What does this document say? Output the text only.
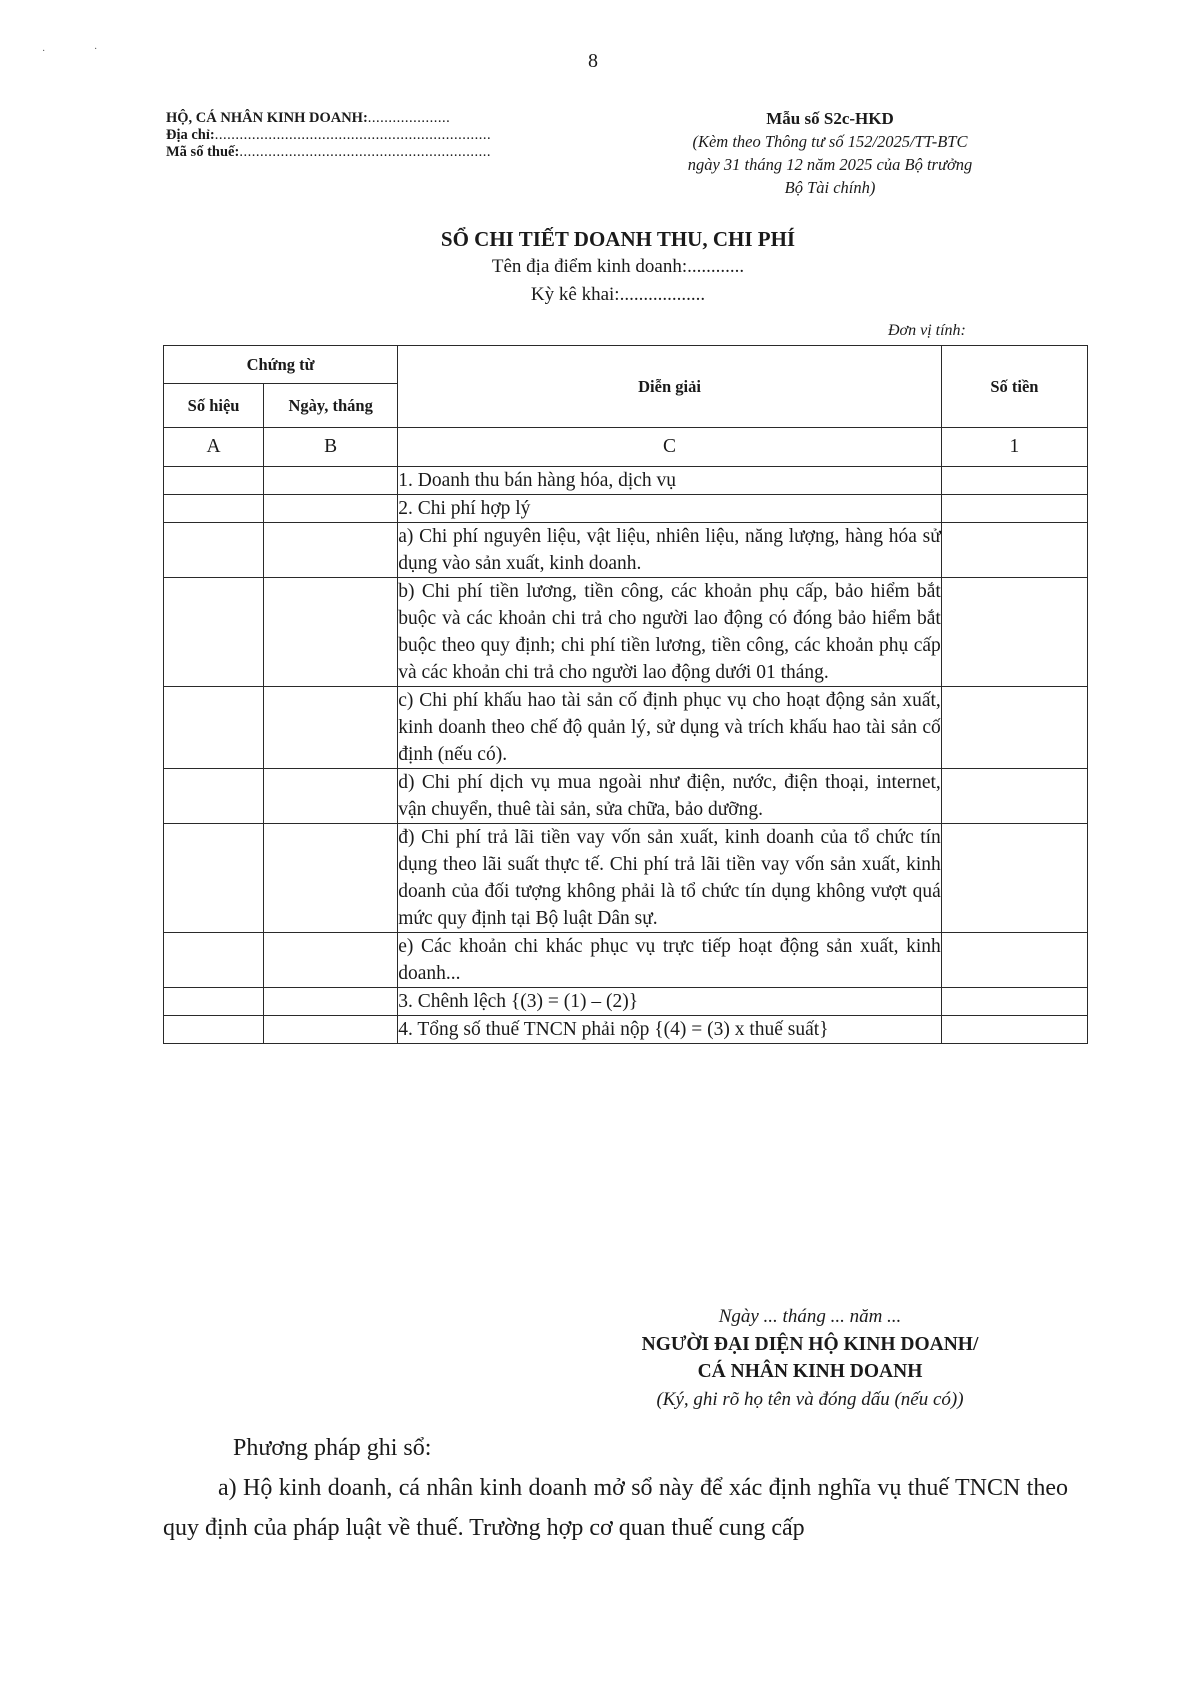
·	·
8
HỘ, CÁ NHÂN KINH DOANH:....................
Địa chỉ:...................................................................
Mã số thuế:.............................................................
Mẫu số S2c-HKD
(Kèm theo Thông tư số 152/2025/TT-BTC
ngày 31 tháng 12 năm 2025 của Bộ trưởng
Bộ Tài chính)
SỔ CHI TIẾT DOANH THU, CHI PHÍ
Tên địa điểm kinh doanh:............
Kỳ kê khai:..................
Đơn vị tính:
Chứng từ		Diễn giải	Số tiền
Số hiệu	Ngày, tháng		
A	B	C	1
		1. Doanh thu bán hàng hóa, dịch vụ	
		2. Chi phí hợp lý	
		a) Chi phí nguyên liệu, vật liệu, nhiên liệu, năng lượng, hàng hóa sử dụng vào sản xuất, kinh doanh.	
		b) Chi phí tiền lương, tiền công, các khoản phụ cấp, bảo hiểm bắt buộc và các khoản chi trả cho người lao động có đóng bảo hiểm bắt buộc theo quy định; chi phí tiền lương, tiền công, các khoản phụ cấp và các khoản chi trả cho người lao động dưới 01 tháng.	
		c) Chi phí khấu hao tài sản cố định phục vụ cho hoạt động sản xuất, kinh doanh theo chế độ quản lý, sử dụng và trích khấu hao tài sản cố định (nếu có).	
		d) Chi phí dịch vụ mua ngoài như điện, nước, điện thoại, internet, vận chuyển, thuê tài sản, sửa chữa, bảo dưỡng.	
		đ) Chi phí trả lãi tiền vay vốn sản xuất, kinh doanh của tổ chức tín dụng theo lãi suất thực tế. Chi phí trả lãi tiền vay vốn sản xuất, kinh doanh của đối tượng không phải là tổ chức tín dụng không vượt quá mức quy định tại Bộ luật Dân sự.	
		e) Các khoản chi khác phục vụ trực tiếp hoạt động sản xuất, kinh doanh...	
		3. Chênh lệch {(3) = (1) – (2)}	
		4. Tổng số thuế TNCN phải nộp {(4) = (3) x thuế suất}	
Ngày ... tháng ... năm ...
NGƯỜI ĐẠI DIỆN HỘ KINH DOANH/
CÁ NHÂN KINH DOANH
(Ký, ghi rõ họ tên và đóng dấu (nếu có))

Phương pháp ghi sổ:

a) Hộ kinh doanh, cá nhân kinh doanh mở sổ này để xác định nghĩa vụ thuế TNCN theo quy định của pháp luật về thuế. Trường hợp cơ quan thuế cung cấp
